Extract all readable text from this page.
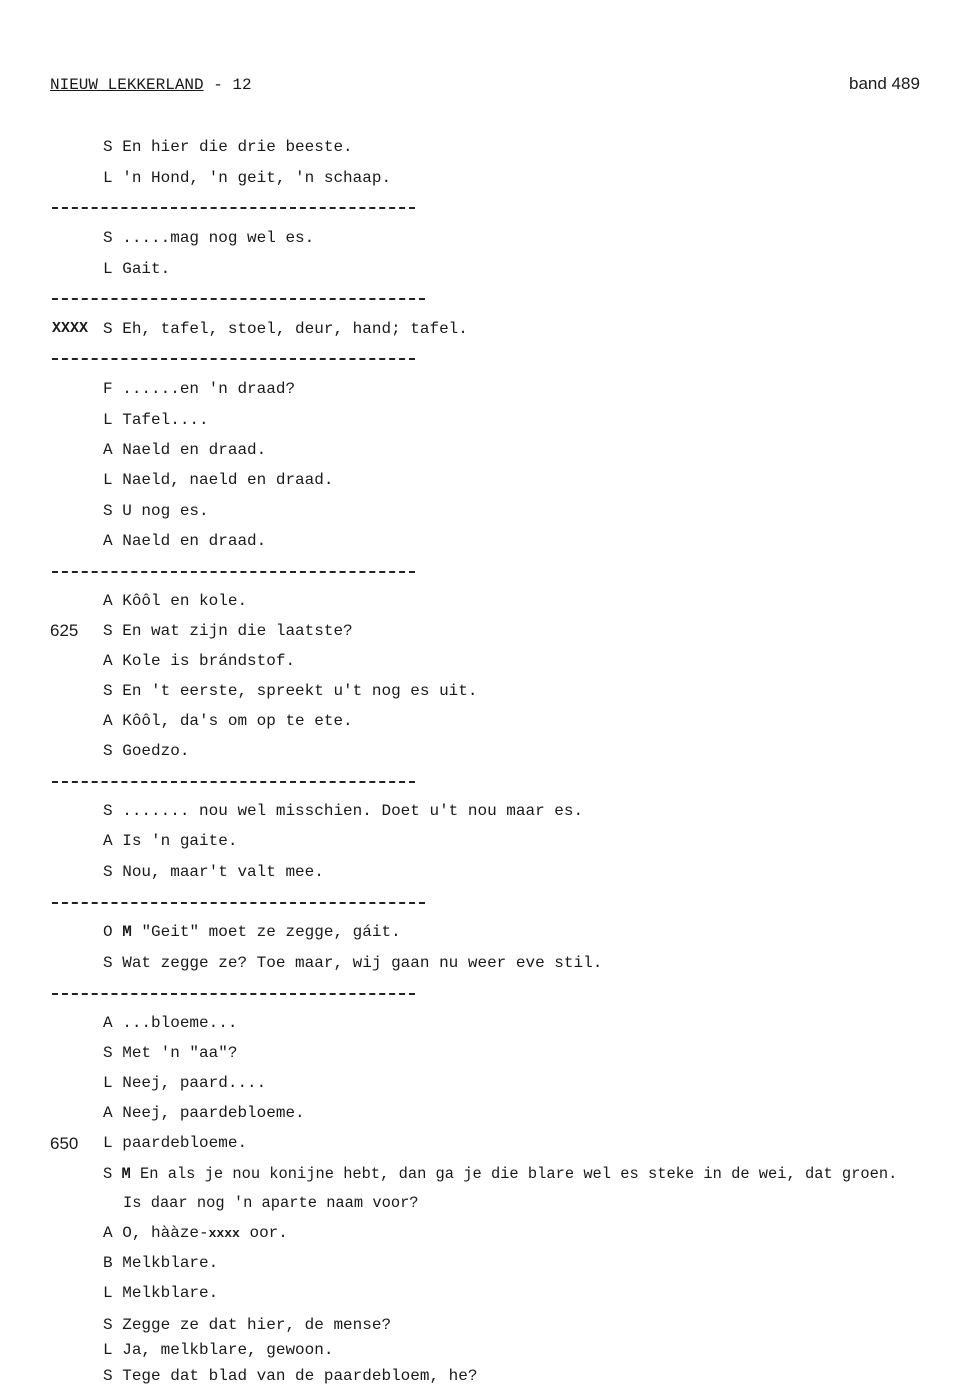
NIEUW LEKKERLAND - 12	band 489
625
650
XXXX
S En hier die drie beeste.
L 'n Hond, 'n geit, 'n schaap.
S .....mag nog wel es.
L Gait.
S Eh, tafel, stoel, deur, hand; tafel.
F ......en 'n draad?
L Tafel....
A Naeld en draad.
L Naeld, naeld en draad.
S U nog es.
A Naeld en draad.
A Kôôl en kole.
S En wat zijn die laatste?
A Kole is brándstof.
S En 't eerste, spreekt u't nog es uit.
A Kôôl, da's om op te ete.
S Goedzo.
S ....... nou wel misschien. Doet u't nou maar es.
A Is 'n gaite.
S Nou, maar't valt mee.
O M "Geit" moet ze zegge, gáit.
S Wat zegge ze? Toe maar, wij gaan nu weer eve stil.
A ...bloeme...
S Met 'n "aa"?
L Neej, paard....
A Neej, paardebloeme.
L paardebloeme.
S M En als je nou konijne hebt, dan ga je die blare wel es steke in de wei, dat groen.
Is daar nog 'n aparte naam voor?
A O, hààze-xxxx oor.
B Melkblare.
L Melkblare.
S Zegge ze dat hier, de mense?
L Ja, melkblare, gewoon.
S Tege dat blad van de paardebloem, he?
